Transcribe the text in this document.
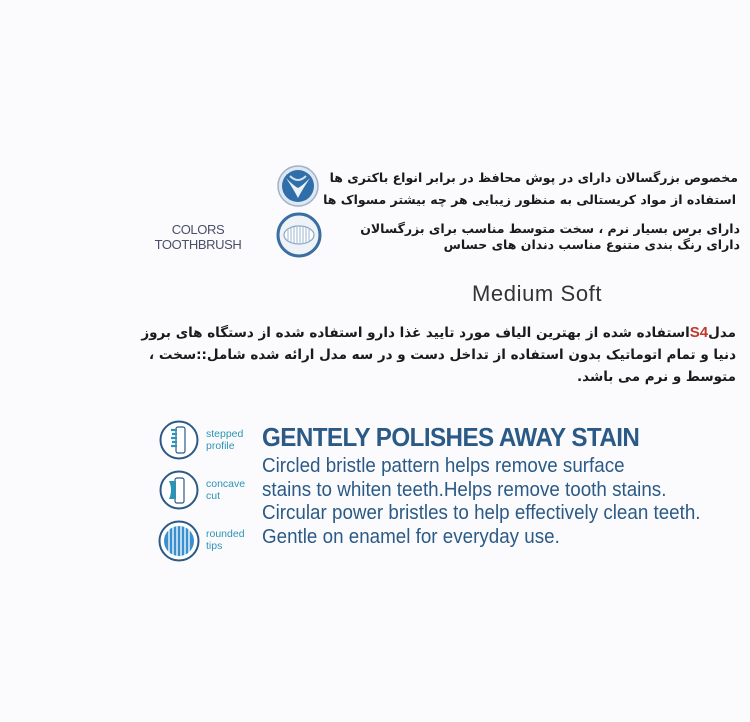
مخصوص بزرگسالان دارای در پوش محافظ در برابر انواع باکتری ها
استفاده از مواد کریستالی به منظور زیبایی هر چه بیشتر مسواک ها
دارای برس بسیار نرم ، سخت متوسط مناسب برای بزرگسالان
دارای رنگ بندی متنوع مناسب دندان های حساس
COLORS
TOOTHBRUSH
Medium Soft
مدلS4استفاده شده از بهترین الیاف مورد تایید غذا دارو استفاده شده از دستگاه های بروز دنیا و تمام اتوماتیک بدون استفاده از تداخل دست و در سه مدل ارائه شده شامل::سخت ، متوسط و نرم می باشد.
stepped
profile
concave
cut
rounded
tips
GENTELY POLISHES AWAY STAIN
Circled bristle pattern helps remove surface
stains to whiten teeth.Helps remove tooth stains.
Circular power bristles to help effectively clean teeth.
Gentle on enamel for everyday use.
